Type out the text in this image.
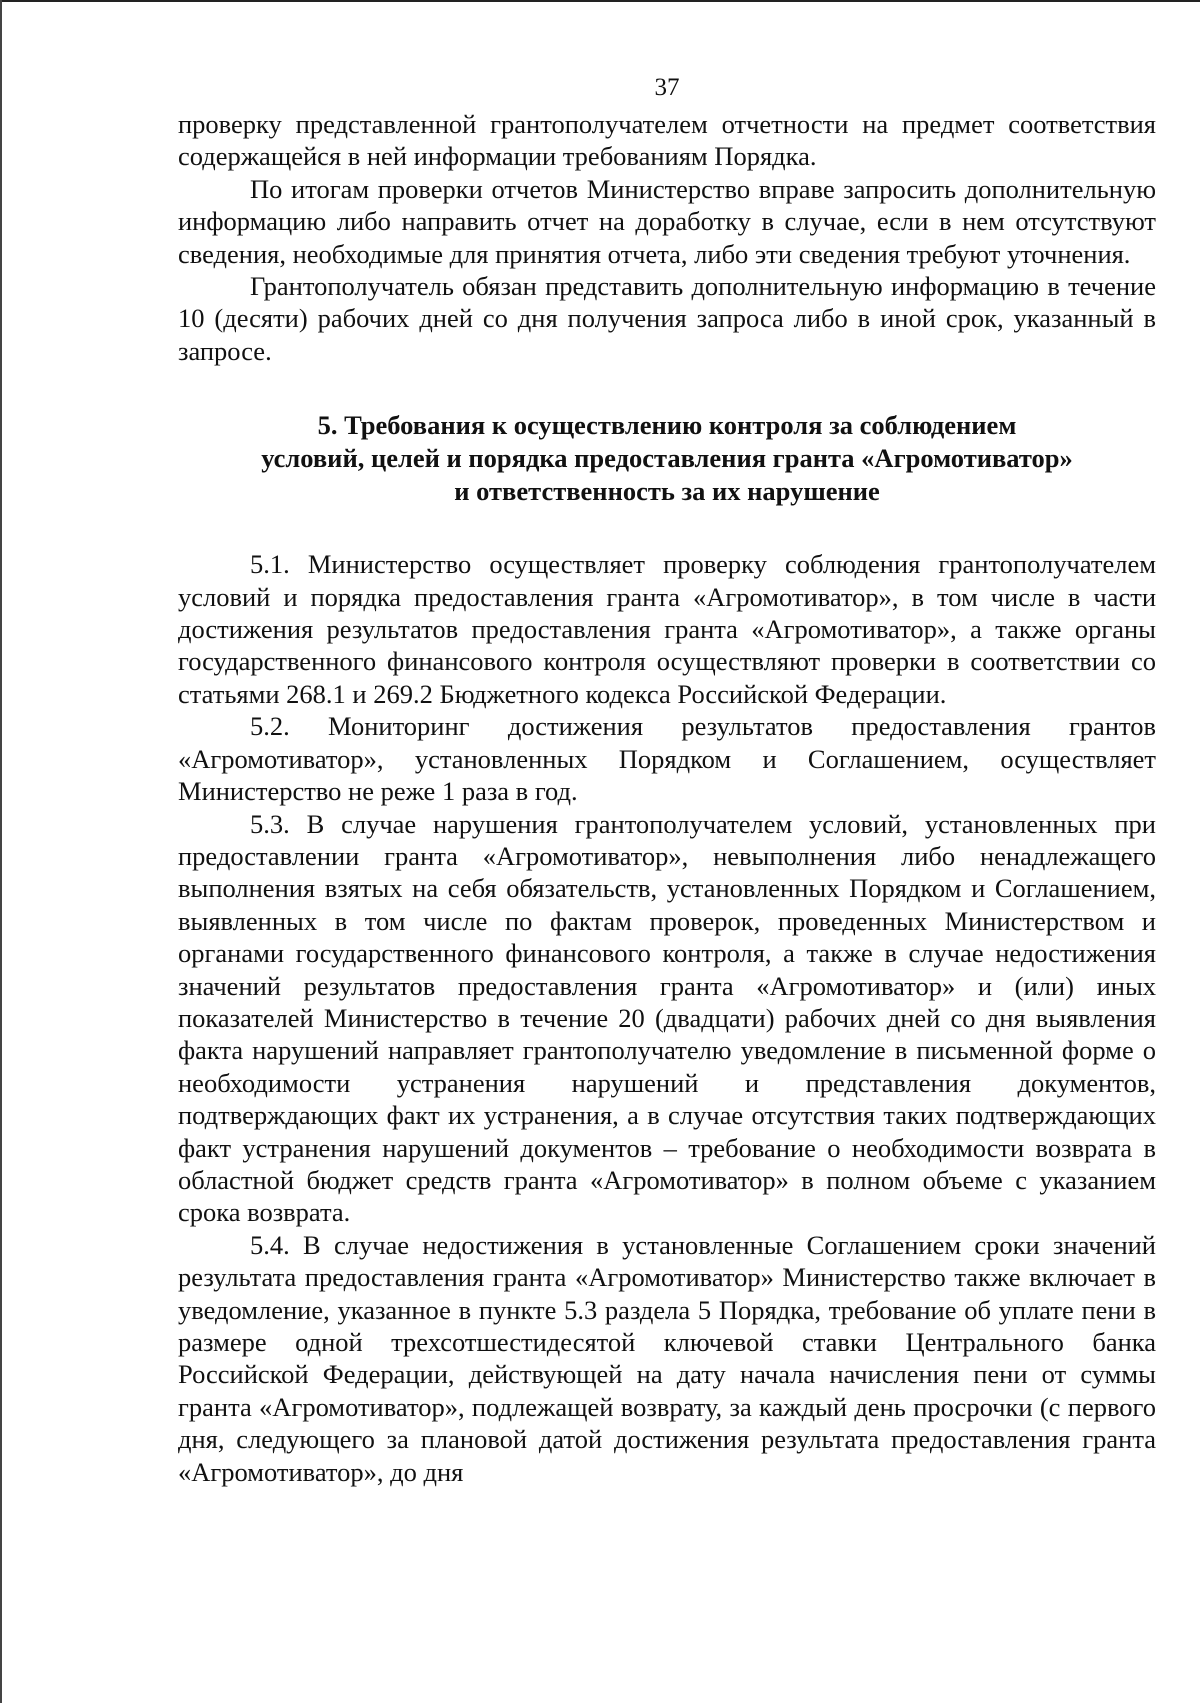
37

проверку представленной грантополучателем отчетности на предмет соответствия содержащейся в ней информации требованиям Порядка.

По итогам проверки отчетов Министерство вправе запросить дополнительную информацию либо направить отчет на доработку в случае, если в нем отсутствуют сведения, необходимые для принятия отчета, либо эти сведения требуют уточнения.

Грантополучатель обязан представить дополнительную информацию в течение 10 (десяти) рабочих дней со дня получения запроса либо в иной срок, указанный в запросе.

5. Требования к осуществлению контроля за соблюдением
условий, целей и порядка предоставления гранта «Агромотиватор»
и ответственность за их нарушение

5.1. Министерство осуществляет проверку соблюдения грантополучателем условий и порядка предоставления гранта «Агромотиватор», в том числе в части достижения результатов предоставления гранта «Агромотиватор», а также органы государственного финансового контроля осуществляют проверки в соответствии со статьями 268.1 и 269.2 Бюджетного кодекса Российской Федерации.

5.2. Мониторинг достижения результатов предоставления грантов «Агромотиватор», установленных Порядком и Соглашением, осуществляет Министерство не реже 1 раза в год.

5.3. В случае нарушения грантополучателем условий, установленных при предоставлении гранта «Агромотиватор», невыполнения либо ненадлежащего выполнения взятых на себя обязательств, установленных Порядком и Соглашением, выявленных в том числе по фактам проверок, проведенных Министерством и органами государственного финансового контроля, а также в случае недостижения значений результатов предоставления гранта «Агромотиватор» и (или) иных показателей Министерство в течение 20 (двадцати) рабочих дней со дня выявления факта нарушений направляет грантополучателю уведомление в письменной форме о необходимости устранения нарушений и представления документов, подтверждающих факт их устранения, а в случае отсутствия таких подтверждающих факт устранения нарушений документов – требование о необходимости возврата в областной бюджет средств гранта «Агромотиватор» в полном объеме с указанием срока возврата.

5.4. В случае недостижения в установленные Соглашением сроки значений результата предоставления гранта «Агромотиватор» Министерство также включает в уведомление, указанное в пункте 5.3 раздела 5 Порядка, требование об уплате пени в размере одной трехсотшестидесятой ключевой ставки Центрального банка Российской Федерации, действующей на дату начала начисления пени от суммы гранта «Агромотиватор», подлежащей возврату, за каждый день просрочки (с первого дня, следующего за плановой датой достижения результата предоставления гранта «Агромотиватор», до дня
